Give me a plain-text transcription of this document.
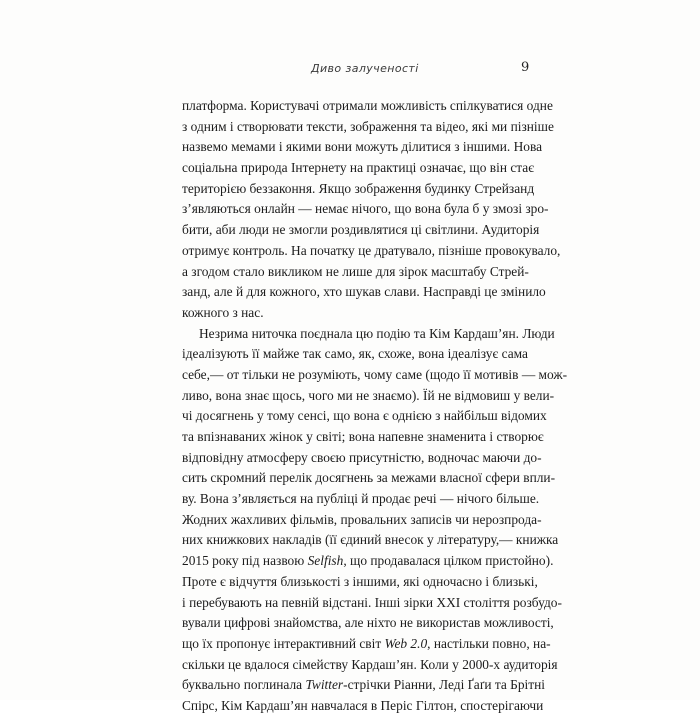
Диво залученості	9
платформа. Користувачі отримали можливість спілкуватися одне
з одним і створювати тексти, зображення та відео, які ми пізніше
назвемо мемами і якими вони можуть ділитися з іншими. Нова
соціальна природа Інтернету на практиці означає, що він стає
територією беззаконня. Якщо зображення будинку Стрейзанд
з’являються онлайн — немає нічого, що вона була б у змозі зро-
бити, аби люди не змогли роздивлятися ці світлини. Аудиторія
отримує контроль. На початку це дратувало, пізніше провокувало,
а згодом стало викликом не лише для зірок масштабу Стрей-
занд, але й для кожного, хто шукав слави. Насправді це змінило
кожного з нас.
Незрима ниточка поєднала цю подію та Кім Кардаш’ян. Люди
ідеалізують її майже так само, як, схоже, вона ідеалізує сама
себе,— от тільки не розуміють, чому саме (щодо її мотивів — мож-
ливо, вона знає щось, чого ми не знаємо). Їй не відмовиш у вели-
чі досягнень у тому сенсі, що вона є однією з найбільш відомих
та впізнаваних жінок у світі; вона напевне знаменита і створює
відповідну атмосферу своєю присутністю, водночас маючи до-
сить скромний перелік досягнень за межами власної сфери впли-
ву. Вона з’являється на публіці й продає речі — нічого більше.
Жодних жахливих фільмів, провальних записів чи нерозпрода-
них книжкових накладів (її єдиний внесок у літературу,— книжка
2015 року під назвою Selfish, що продавалася цілком пристойно).
Проте є відчуття близькості з іншими, які одночасно і близькі,
і перебувають на певній відстані. Інші зірки XXI століття розбудо-
вували цифрові знайомства, але ніхто не використав можливості,
що їх пропонує інтерактивний світ Web 2.0, настільки повно, на-
скільки це вдалося сімейству Кардаш’ян. Коли у 2000-х аудиторія
буквально поглинала Twitter-стрічки Ріанни, Леді Ґаґи та Брітні
Спірс, Кім Кардаш’ян навчалася в Періс Гілтон, спостерігаючи
